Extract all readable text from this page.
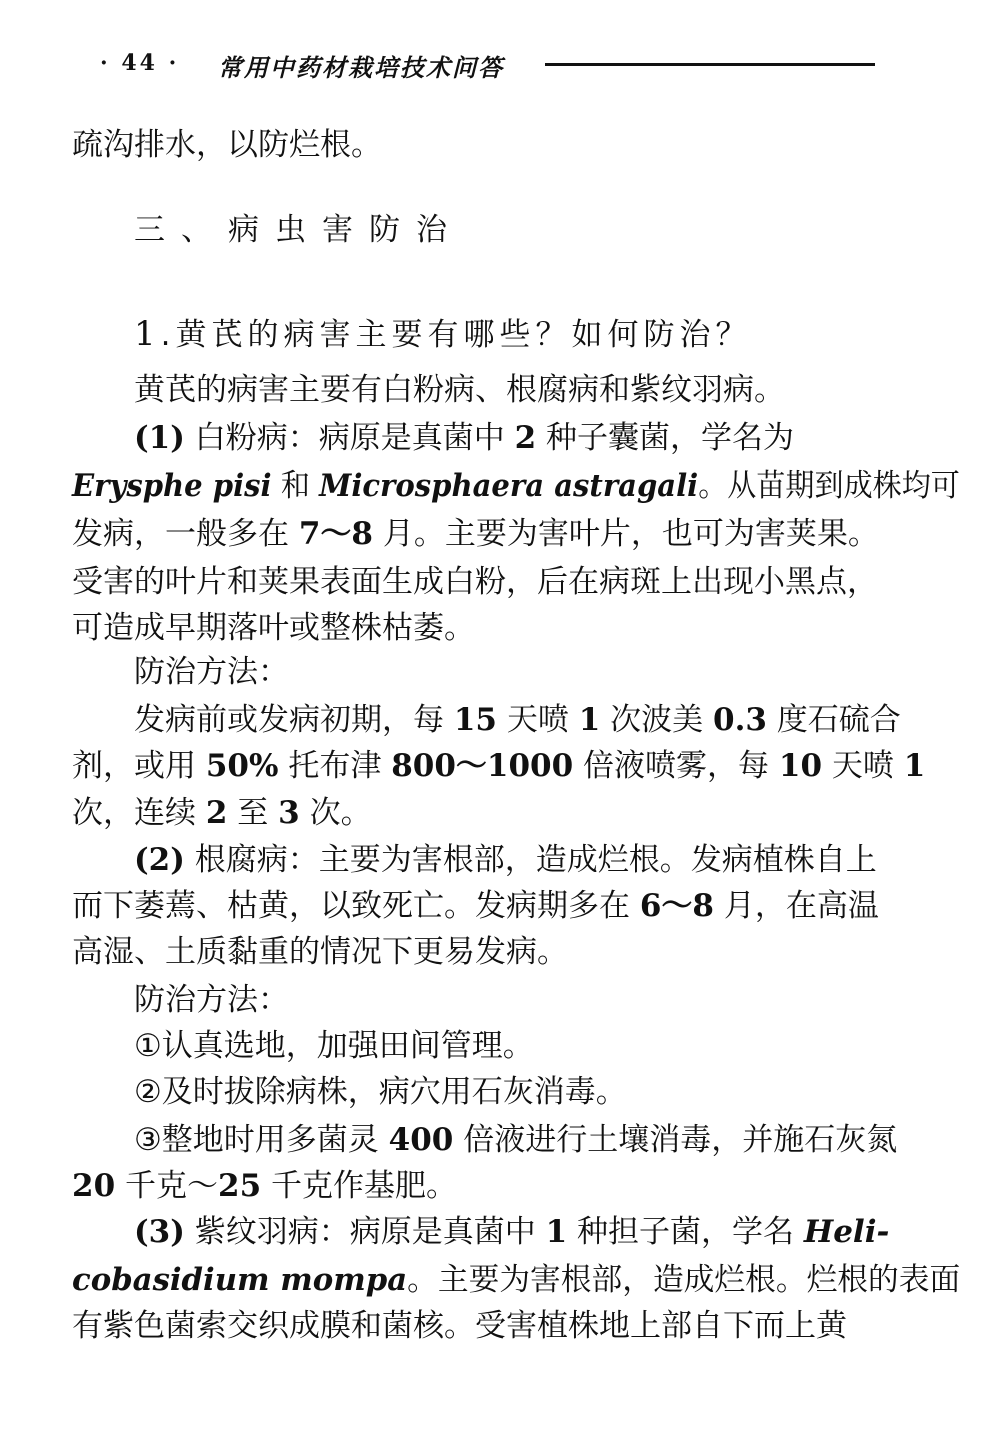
· 44 · 常用中药材栽培技术问答
疏沟排水，以防烂根。
三、病虫害防治
1.黄芪的病害主要有哪些？如何防治？
黄芪的病害主要有白粉病、根腐病和紫纹羽病。
(1) 白粉病：病原是真菌中 2 种子囊菌，学名为
Erysphe pisi 和 Microsphaera astragali。从苗期到成株均可
发病，一般多在 7～8 月。主要为害叶片，也可为害荚果。
受害的叶片和荚果表面生成白粉，后在病斑上出现小黑点，
可造成早期落叶或整株枯萎。
防治方法：
发病前或发病初期，每 15 天喷 1 次波美 0.3 度石硫合
剂，或用 50% 托布津 800～1000 倍液喷雾，每 10 天喷 1
次，连续 2 至 3 次。
(2) 根腐病：主要为害根部，造成烂根。发病植株自上
而下萎蔫、枯黄，以致死亡。发病期多在 6～8 月，在高温
高湿、土质黏重的情况下更易发病。
防治方法：
①认真选地，加强田间管理。
②及时拔除病株，病穴用石灰消毒。
③整地时用多菌灵 400 倍液进行土壤消毒，并施石灰氮
20 千克～25 千克作基肥。
(3) 紫纹羽病：病原是真菌中 1 种担子菌，学名 Heli-
cobasidium mompa。主要为害根部，造成烂根。烂根的表面
有紫色菌索交织成膜和菌核。受害植株地上部自下而上黄
